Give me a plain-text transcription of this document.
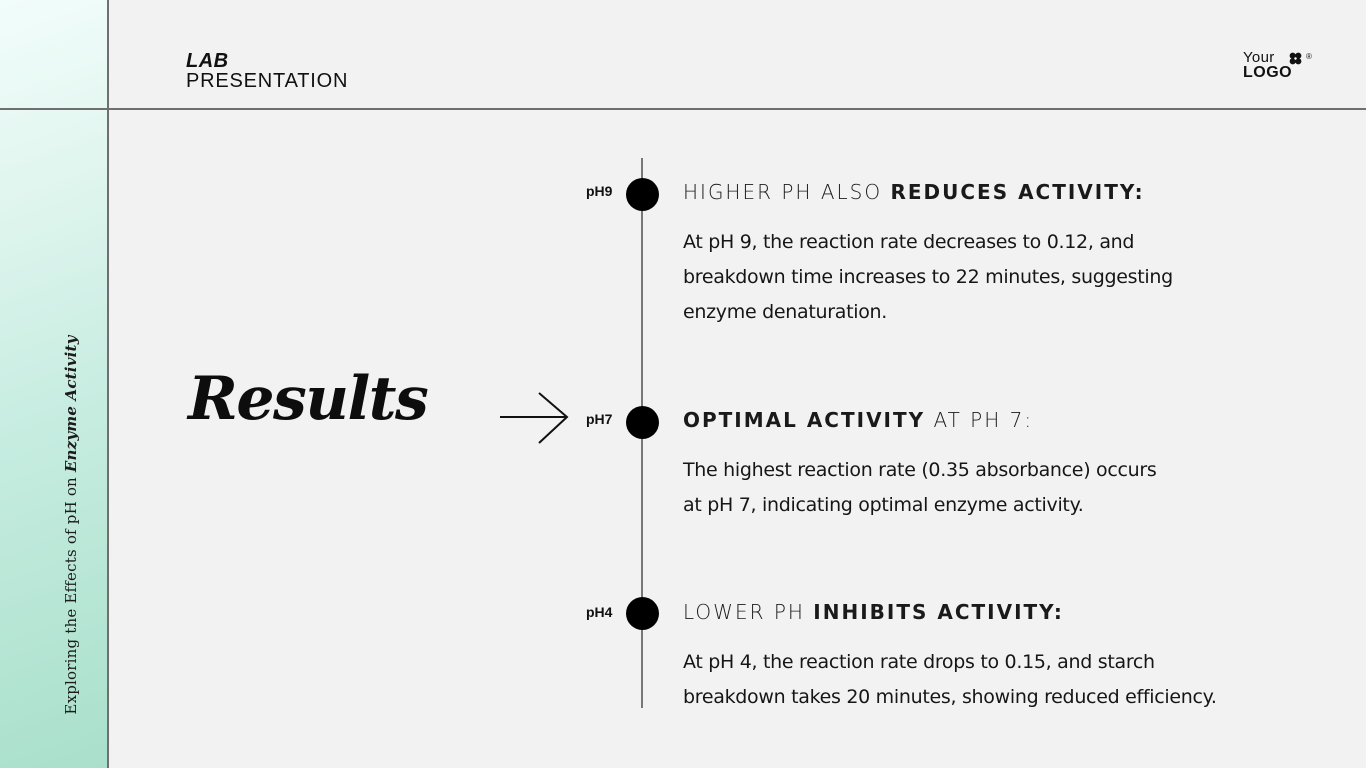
Exploring the Effects of pH on Enzyme Activity
LAB
PRESENTATION
Your
LOGO
®
Results
pH9	HIGHER PH ALSO REDUCES ACTIVITY:
At pH 9, the reaction rate decreases to 0.12, and
breakdown time increases to 22 minutes, suggesting
enzyme denaturation.
pH7	OPTIMAL ACTIVITY AT PH 7:
The highest reaction rate (0.35 absorbance) occurs
at pH 7, indicating optimal enzyme activity.
pH4	LOWER PH INHIBITS ACTIVITY:
At pH 4, the reaction rate drops to 0.15, and starch
breakdown takes 20 minutes, showing reduced efficiency.
